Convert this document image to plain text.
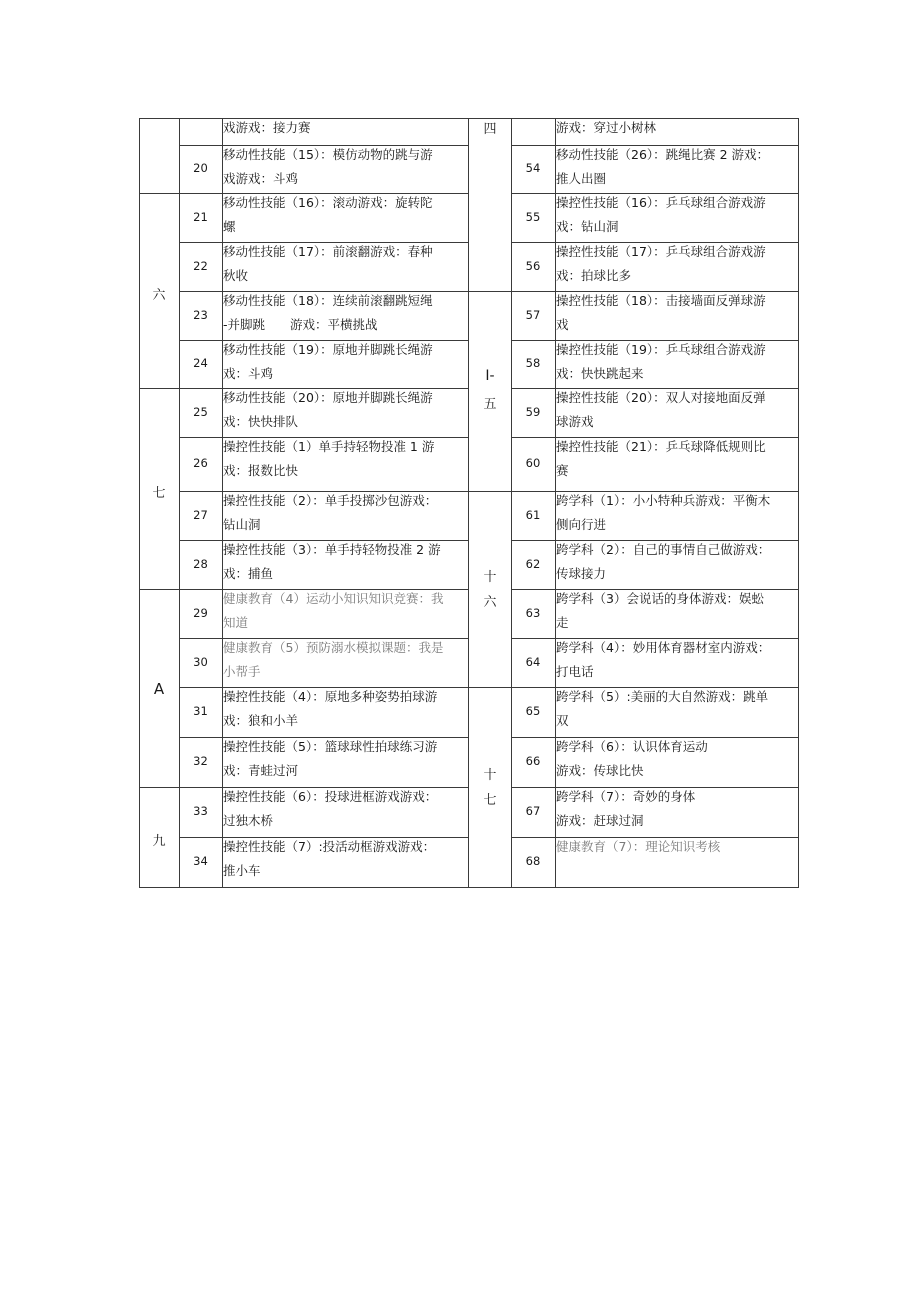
六
七
A
九
四
I-
五
十
六
十
七
戏游戏：接力赛
20
移动性技能（15）：模仿动物的跳与游
戏游戏：斗鸡
21
移动性技能（16）：滚动游戏：旋转陀
螺
22
移动性技能（17）：前滚翻游戏：春种
秋收
23
移动性技能（18）：连续前滚翻跳短绳
-并脚跳　　游戏：平横挑战
24
移动性技能（19）：原地并脚跳长绳游
戏：斗鸡
25
移动性技能（20）：原地并脚跳长绳游
戏：快快排队
26
操控性技能（1）单手持轻物投准 1 游
戏：报数比快
27
操控性技能（2）：单手投掷沙包游戏：
钻山洞
28
操控性技能（3）：单手持轻物投准 2 游
戏：捕鱼
29
健康教育（4）运动小知识知识竞赛：我
知道
30
健康教育（5）预防溺水模拟课题：我是
小帮手
31
操控性技能（4）：原地多种姿势拍球游
戏：狼和小羊
32
操控性技能（5）：篮球球性拍球练习游
戏：青蛙过河
33
操控性技能（6）：投球进框游戏游戏：
过独木桥
34
操控性技能（7）:投活动框游戏游戏：
推小车
游戏：穿过小树林
54
移动性技能（26）：跳绳比赛 2 游戏：
推人出圈
55
操控性技能（16）：乒乓球组合游戏游
戏：钻山洞
56
操控性技能（17）：乒乓球组合游戏游
戏：拍球比多
57
操控性技能（18）：击接墙面反弹球游
戏
58
操控性技能（19）：乒乓球组合游戏游
戏：快快跳起来
59
操控性技能（20）：双人对接地面反弹
球游戏
60
操控性技能（21）：乒乓球降低规则比
赛
61
跨学科（1）：小小特种兵游戏：平衡木
侧向行进
62
跨学科（2）：自己的事情自己做游戏：
传球接力
63
跨学科（3）会说话的身体游戏：娱蚣
走
64
跨学科（4）：妙用体育器材室内游戏：
打电话
65
跨学科（5）:美丽的大自然游戏：跳单
双
66
跨学科（6）：认识体育运动
游戏：传球比快
67
跨学科（7）：奇妙的身体
游戏：赶球过洞
68
健康教育（7）：理论知识考核
